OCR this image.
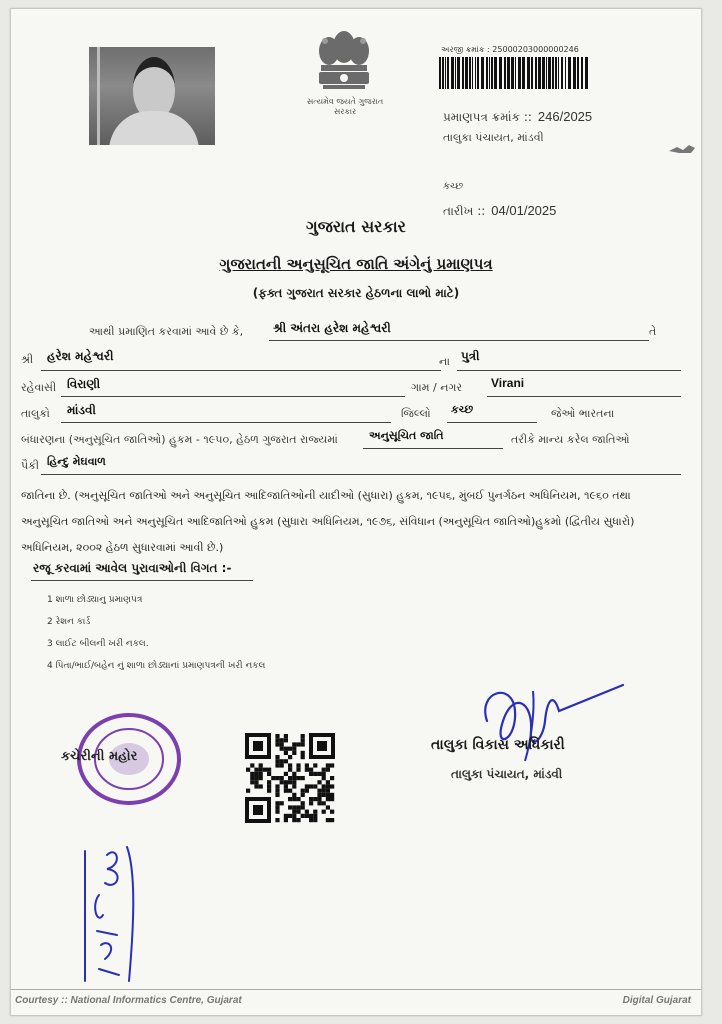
સત્યમેવ જયતે ગુજરાત સરકાર
અરજી ક્રમાંક : 25000203000000246
પ્રમાણપત્ર ક્રમાંક :: 246/2025
તાલુકા પંચાયત, માંડવી
કચ્છ
તારીખ :: 04/01/2025
ગુજરાત સરકાર
ગુજરાતની અનુસૂચિત જાતિ અંગેનું પ્રમાણપત્ર
(ફક્ત ગુજરાત સરકાર હેઠળના લાભો માટે)
આથી પ્રમાણિત કરવામાં આવે છે કે, શ્રી અંતરા હરેશ મહેશ્વરી	તે
શ્રી હરેશ મહેશ્વરી	ના પુત્રી
રહેવાસી વિરાણી	ગામ / નગર Virani
તાલુકો માંડવી	જિલ્લો કચ્છ	જેઓ ભારતના
બંધારણના (અનુસૂચિત જાતિઓ) હુકમ - ૧૯૫૦, હેઠળ ગુજરાત રાજ્યમાં	અનુસૂચિત જાતિ	તરીકે માન્ય કરેલ જાતિઓ
પૈકી હિન્દુ મેઘવાળ
જાતિના છે. (અનુસૂચિત જાતિઓ અને અનુસૂચિત આદિજાતિઓની યાદીઓ (સુધારા) હુકમ, ૧૯૫૬, મુંબઈ પુનર્ગઠન અધિનિયમ, ૧૯૬૦ તથા અનુસૂચિત જાતિઓ અને અનુસૂચિત આદિજાતિઓ હુકમ (સુધારા અધિનિયમ, ૧૯૭૬, સંવિધાન (અનુસૂચિત જાતિઓ)હુકમો (દ્વિતીય સુધારો) અધિનિયમ, ૨૦૦૨ હેઠળ સુધારવામાં આવી છે.)
રજૂ કરવામાં આવેલ પુરાવાઓની વિગત :-
1 શાળા છોડ્યાનુ પ્રમાણપત્ર
2 રેશન કાર્ડ
3 લાઈટ બીલની ખરી નકલ.
4 પિતા/ભાઈ/બહેન નું શાળા છોડ્યાનાં પ્રમાણપત્રની ખરી નકલ
કચેરીની મહોર
તાલુકા વિકાસ અધિકારી
તાલુકા પંચાયત, માંડવી
Courtesy :: National Informatics Centre, Gujarat	Digital Gujarat
